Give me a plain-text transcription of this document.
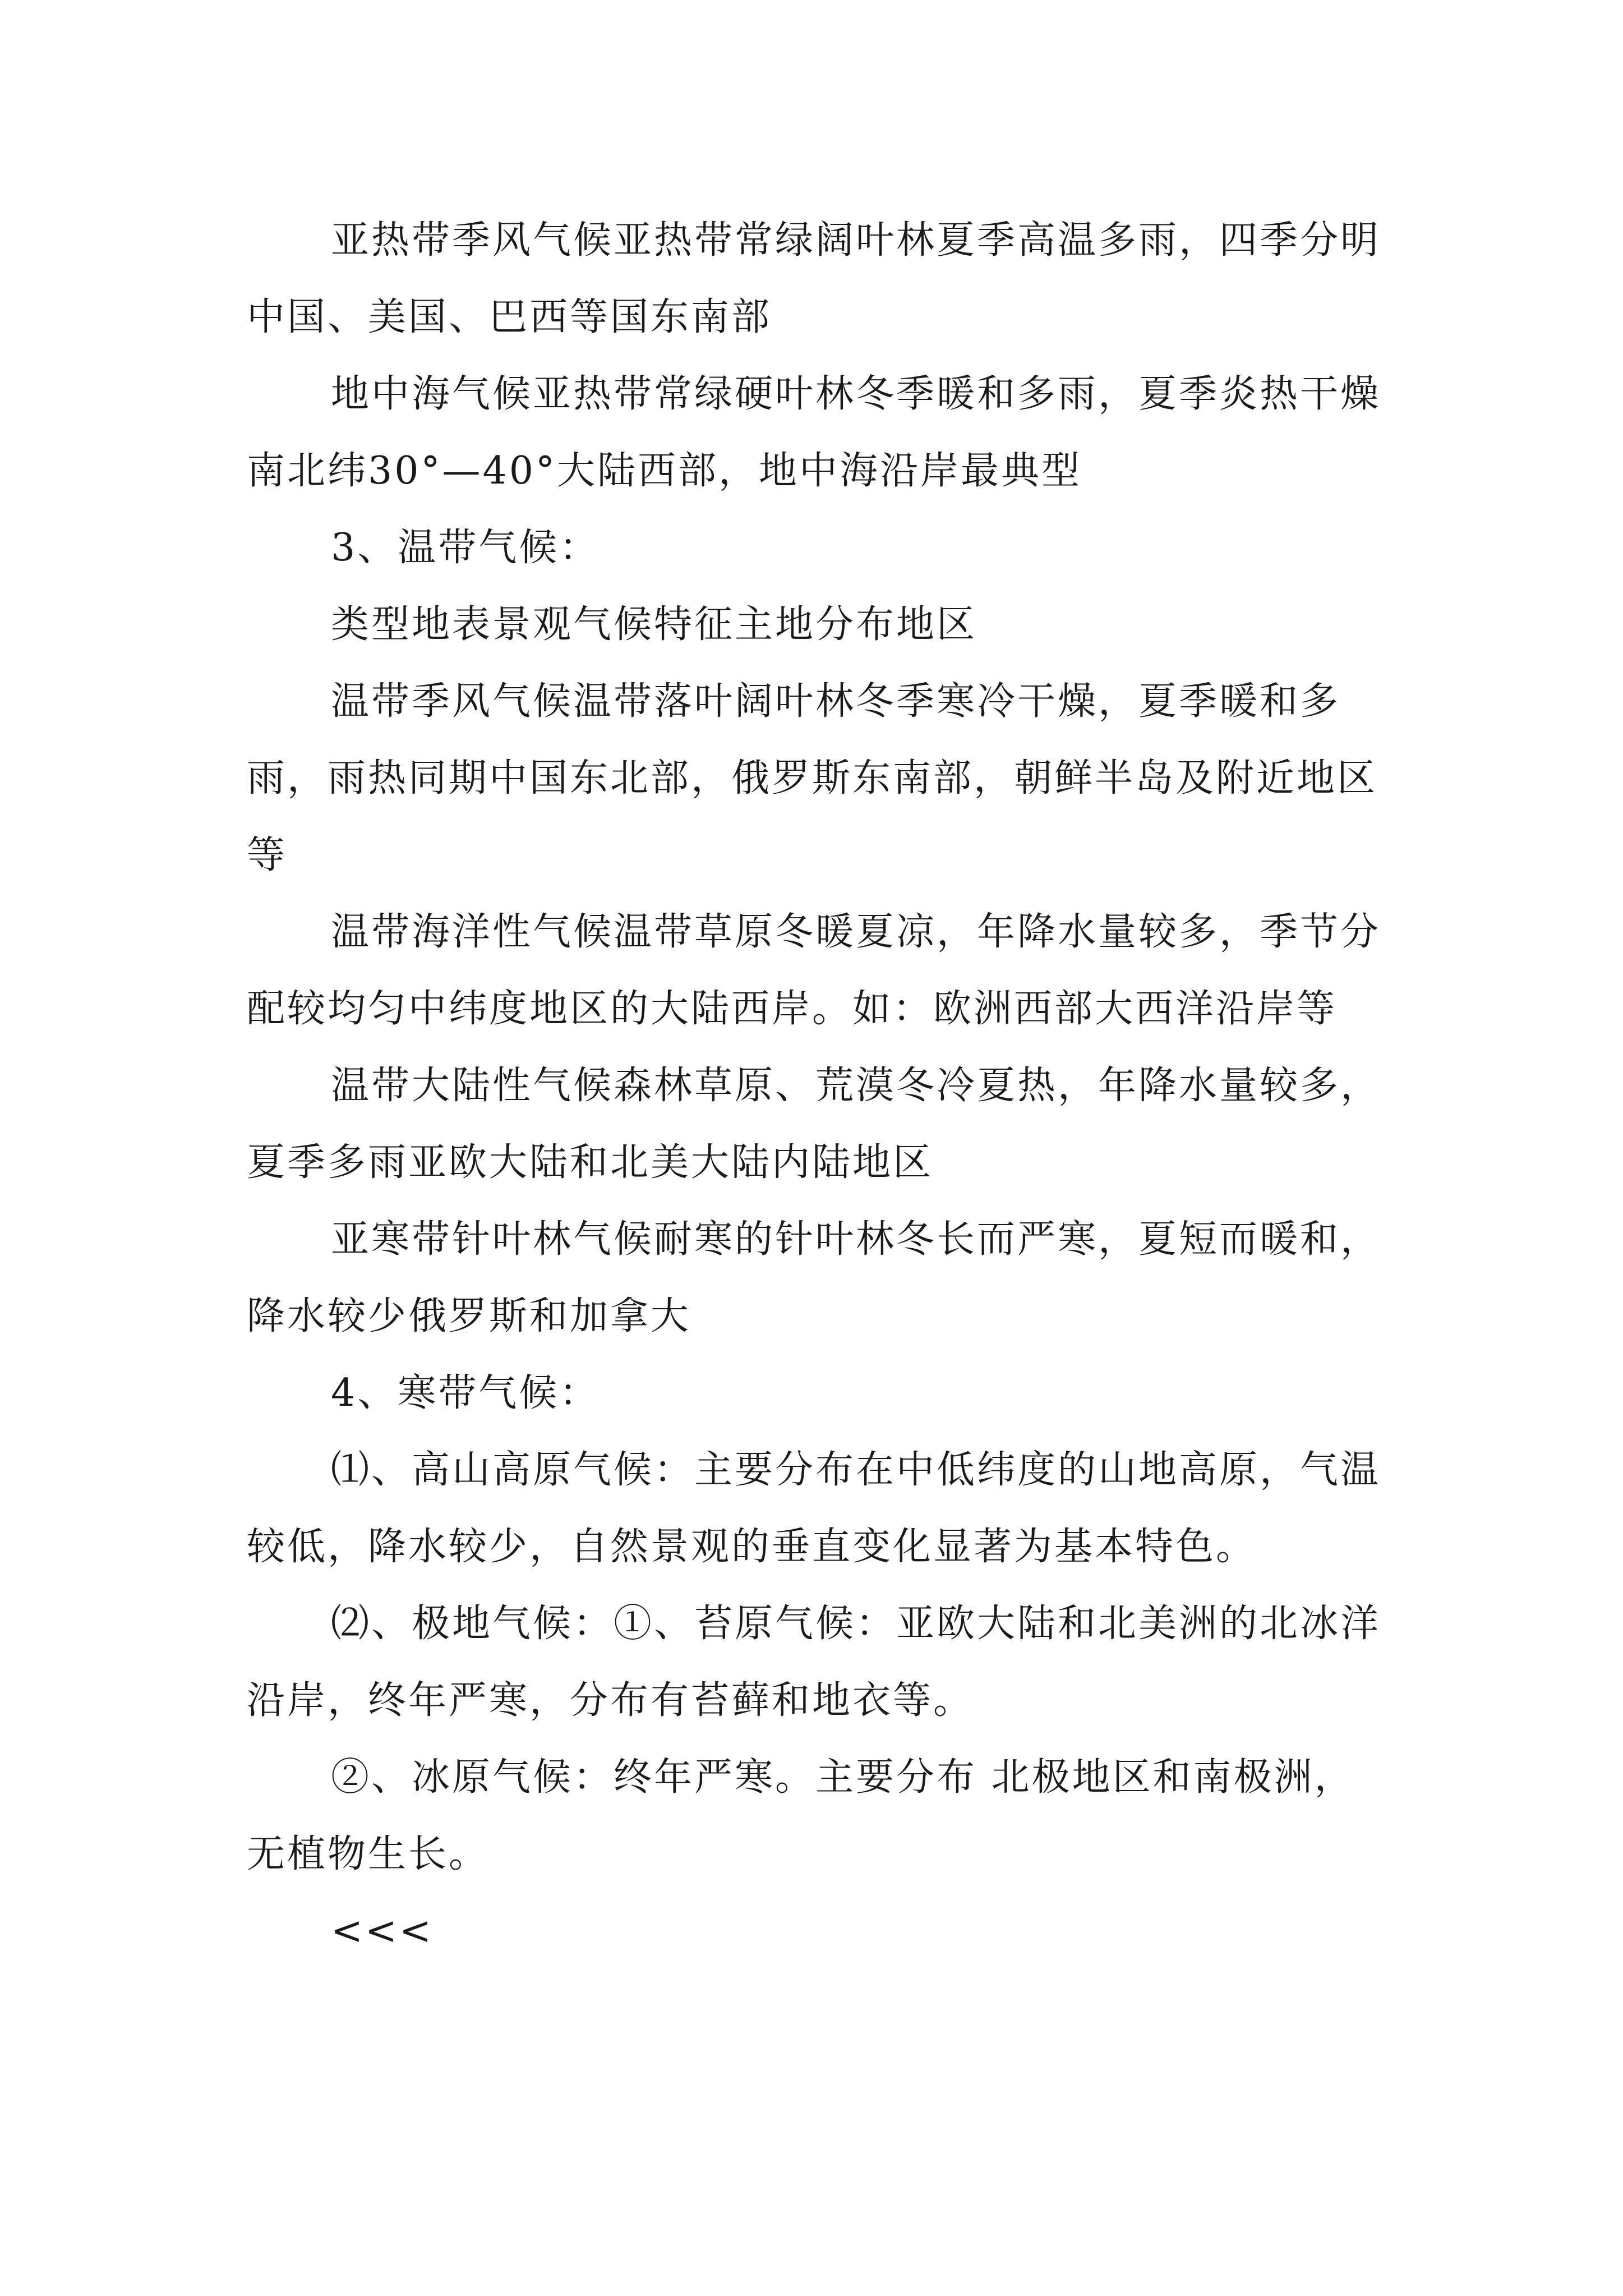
亚热带季风气候亚热带常绿阔叶林夏季高温多雨，四季分明中国、美国、巴西等国东南部

地中海气候亚热带常绿硬叶林冬季暖和多雨，夏季炎热干燥南北纬30°—40°大陆西部，地中海沿岸最典型

3、温带气候：

类型地表景观气候特征主地分布地区

温带季风气候温带落叶阔叶林冬季寒冷干燥，夏季暖和多雨，雨热同期中国东北部，俄罗斯东南部，朝鲜半岛及附近地区等

温带海洋性气候温带草原冬暖夏凉，年降水量较多，季节分配较均匀中纬度地区的大陆西岸。如：欧洲西部大西洋沿岸等

温带大陆性气候森林草原、荒漠冬冷夏热，年降水量较多，夏季多雨亚欧大陆和北美大陆内陆地区

亚寒带针叶林气候耐寒的针叶林冬长而严寒，夏短而暖和，降水较少俄罗斯和加拿大

4、寒带气候：

⑴、高山高原气候：主要分布在中低纬度的山地高原，气温较低，降水较少，自然景观的垂直变化显著为基本特色。

⑵、极地气候：①、苔原气候：亚欧大陆和北美洲的北冰洋沿岸，终年严寒，分布有苔藓和地衣等。

②、冰原气候：终年严寒。主要分布 北极地区和南极洲，无植物生长。

<<<
